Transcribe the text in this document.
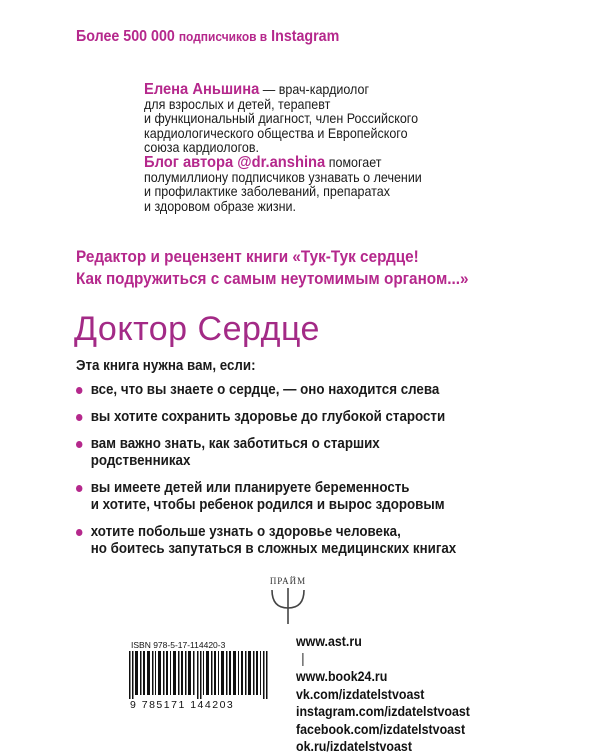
Более 500 000 подписчиков в Instagram
Елена Аньшина — врач-кардиолог
для взрослых и детей, терапевт
и функциональный диагност, член Российского
кардиологического общества и Европейского
союза кардиологов.
Блог автора @dr.anshina помогает
полумиллиону подписчиков узнавать о лечении
и профилактике заболеваний, препаратах
и здоровом образе жизни.
Редактор и рецензент книги «Тук-Тук сердце!
Как подружиться с самым неутомимым органом...»
Доктор Сердце
Эта книга нужна вам, если:
все, что вы знаете о сердце, — оно находится слева
вы хотите сохранить здоровье до глубокой старости
вам важно знать, как заботиться о старших
родственниках
вы имеете детей или планируете беременность
и хотите, чтобы ребенок родился и вырос здоровым
хотите побольше узнать о здоровье человека,
но боитесь запутаться в сложных медицинских книгах
ПРАЙМ
ISBN 978-5-17-114420-3
9 785171 144203
www.ast.ru
www.book24.ru
vk.com/izdatelstvoast
instagram.com/izdatelstvoast
facebook.com/izdatelstvoast
ok.ru/izdatelstvoast
